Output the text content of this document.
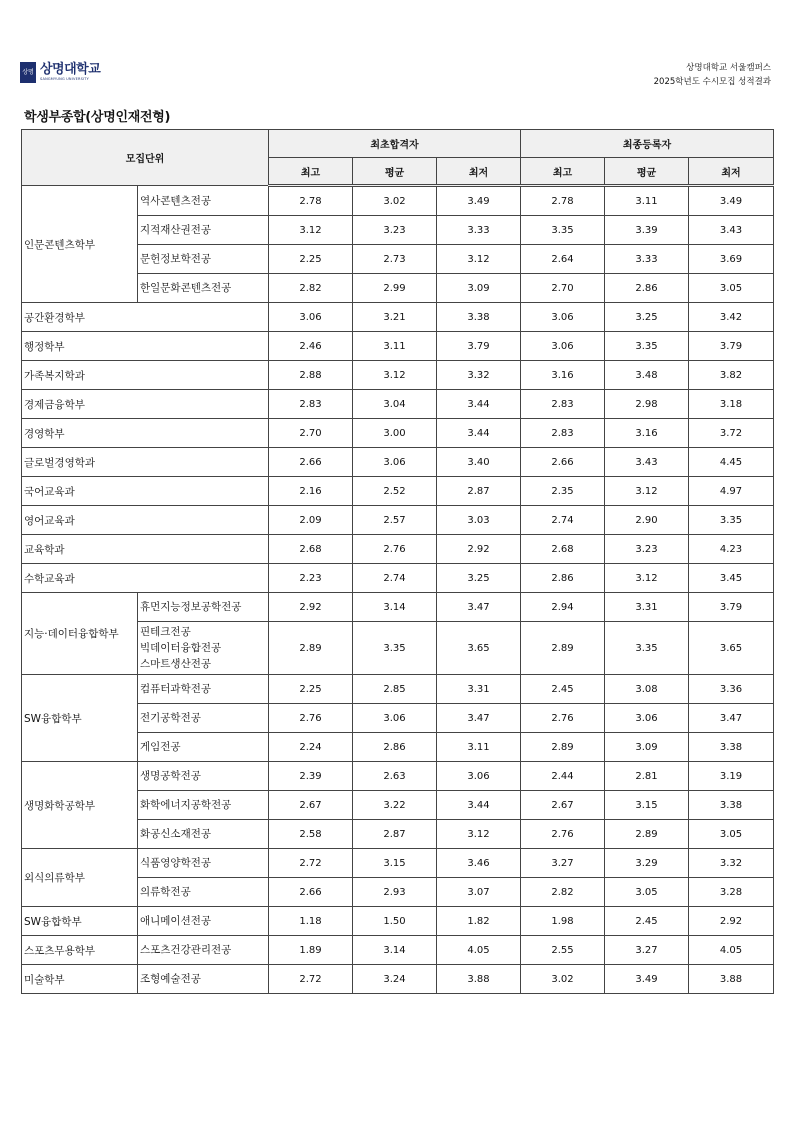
상명 상명대학교
SANGMYUNG UNIVERSITY
상명대학교 서울캠퍼스
2025학년도 수시모집 성적결과
학생부종합(상명인재전형)
모집단위		최초합격자			최종등록자		
		최고	평균	최저	최고	평균	최저
인문콘텐츠학부	역사콘텐츠전공	2.78	3.02	3.49	2.78	3.11	3.49
	지적재산권전공	3.12	3.23	3.33	3.35	3.39	3.43
	문헌정보학전공	2.25	2.73	3.12	2.64	3.33	3.69
	한일문화콘텐츠전공	2.82	2.99	3.09	2.70	2.86	3.05
공간환경학부		3.06	3.21	3.38	3.06	3.25	3.42
행정학부		2.46	3.11	3.79	3.06	3.35	3.79
가족복지학과		2.88	3.12	3.32	3.16	3.48	3.82
경제금융학부		2.83	3.04	3.44	2.83	2.98	3.18
경영학부		2.70	3.00	3.44	2.83	3.16	3.72
글로벌경영학과		2.66	3.06	3.40	2.66	3.43	4.45
국어교육과		2.16	2.52	2.87	2.35	3.12	4.97
영어교육과		2.09	2.57	3.03	2.74	2.90	3.35
교육학과		2.68	2.76	2.92	2.68	3.23	4.23
수학교육과		2.23	2.74	3.25	2.86	3.12	3.45
지능·데이터융합학부	휴먼지능정보공학전공	2.92	3.14	3.47	2.94	3.31	3.79

	핀테크전공
빅데이터융합전공
스마트생산전공	2.89	3.35	3.65	2.89	3.35	3.65
SW융합학부	컴퓨터과학전공	2.25	2.85	3.31	2.45	3.08	3.36
	전기공학전공	2.76	3.06	3.47	2.76	3.06	3.47
	게임전공	2.24	2.86	3.11	2.89	3.09	3.38
생명화학공학부	생명공학전공	2.39	2.63	3.06	2.44	2.81	3.19
	화학에너지공학전공	2.67	3.22	3.44	2.67	3.15	3.38
	화공신소재전공	2.58	2.87	3.12	2.76	2.89	3.05
외식의류학부	식품영양학전공	2.72	3.15	3.46	3.27	3.29	3.32
	의류학전공	2.66	2.93	3.07	2.82	3.05	3.28
SW융합학부	애니메이션전공	1.18	1.50	1.82	1.98	2.45	2.92
스포츠무용학부	스포츠건강관리전공	1.89	3.14	4.05	2.55	3.27	4.05
미술학부	조형예술전공	2.72	3.24	3.88	3.02	3.49	3.88
